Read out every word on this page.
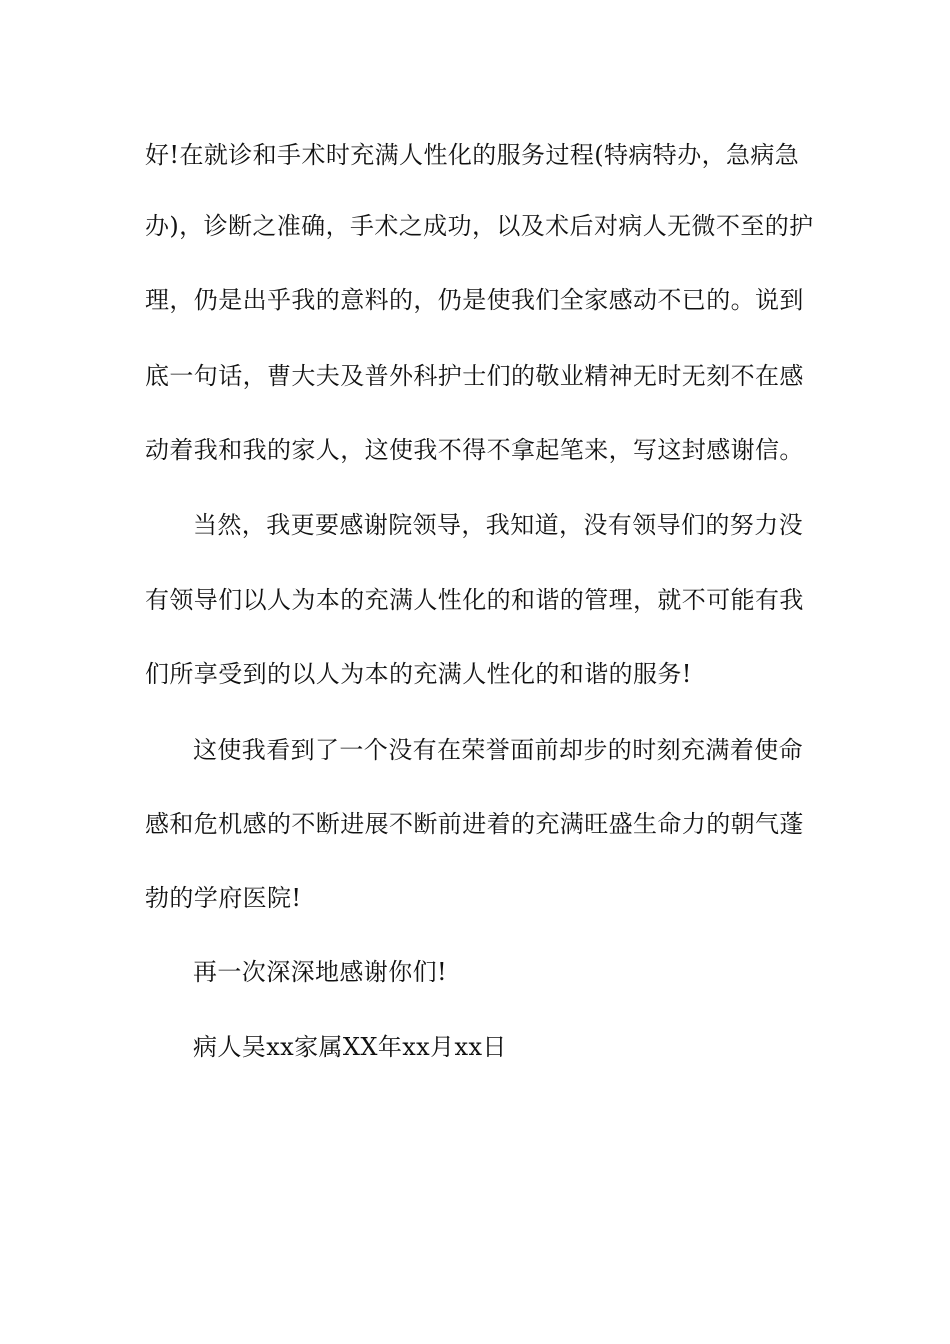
好!在就诊和手术时充满人性化的服务过程(特病特办，急病急
办)，诊断之准确，手术之成功，以及术后对病人无微不至的护
理，仍是出乎我的意料的，仍是使我们全家感动不已的。说到
底一句话，曹大夫及普外科护士们的敬业精神无时无刻不在感
动着我和我的家人，这使我不得不拿起笔来，写这封感谢信。
当然，我更要感谢院领导，我知道，没有领导们的努力没
有领导们以人为本的充满人性化的和谐的管理，就不可能有我
们所享受到的以人为本的充满人性化的和谐的服务!
这使我看到了一个没有在荣誉面前却步的时刻充满着使命
感和危机感的不断进展不断前进着的充满旺盛生命力的朝气蓬
勃的学府医院!
再一次深深地感谢你们!
病人吴xx家属XX年xx月xx日
